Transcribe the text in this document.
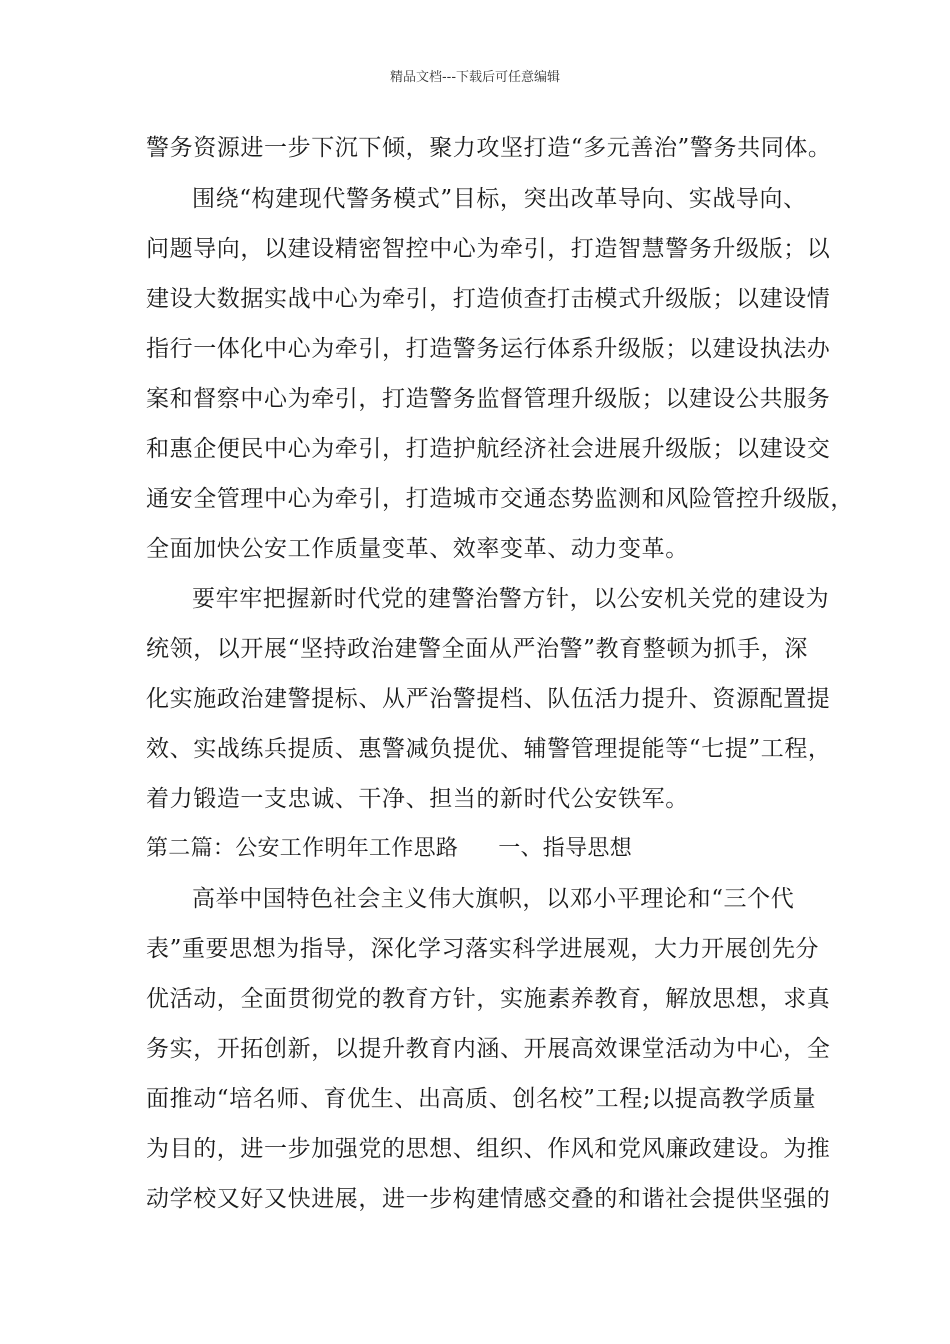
精品文档---下载后可任意编辑
警务资源进一步下沉下倾，聚力攻坚打造“多元善治”警务共同体。
围绕“构建现代警务模式”目标，突出改革导向、实战导向、
问题导向，以建设精密智控中心为牵引，打造智慧警务升级版；以
建设大数据实战中心为牵引，打造侦查打击模式升级版；以建设情
指行一体化中心为牵引，打造警务运行体系升级版；以建设执法办
案和督察中心为牵引，打造警务监督管理升级版；以建设公共服务
和惠企便民中心为牵引，打造护航经济社会进展升级版；以建设交
通安全管理中心为牵引，打造城市交通态势监测和风险管控升级版，
全面加快公安工作质量变革、效率变革、动力变革。
要牢牢把握新时代党的建警治警方针，以公安机关党的建设为
统领，以开展“坚持政治建警全面从严治警”教育整顿为抓手，深
化实施政治建警提标、从严治警提档、队伍活力提升、资源配置提
效、实战练兵提质、惠警减负提优、辅警管理提能等“七提”工程，
着力锻造一支忠诚、干净、担当的新时代公安铁军。
第二篇：公安工作明年工作思路 一、指导思想
高举中国特色社会主义伟大旗帜，以邓小平理论和“三个代
表”重要思想为指导，深化学习落实科学进展观，大力开展创先分
优活动，全面贯彻党的教育方针，实施素养教育，解放思想，求真
务实，开拓创新，以提升教育内涵、开展高效课堂活动为中心，全
面推动“培名师、育优生、出高质、创名校”工程;以提高教学质量
为目的，进一步加强党的思想、组织、作风和党风廉政建设。为推
动学校又好又快进展，进一步构建情感交叠的和谐社会提供坚强的
